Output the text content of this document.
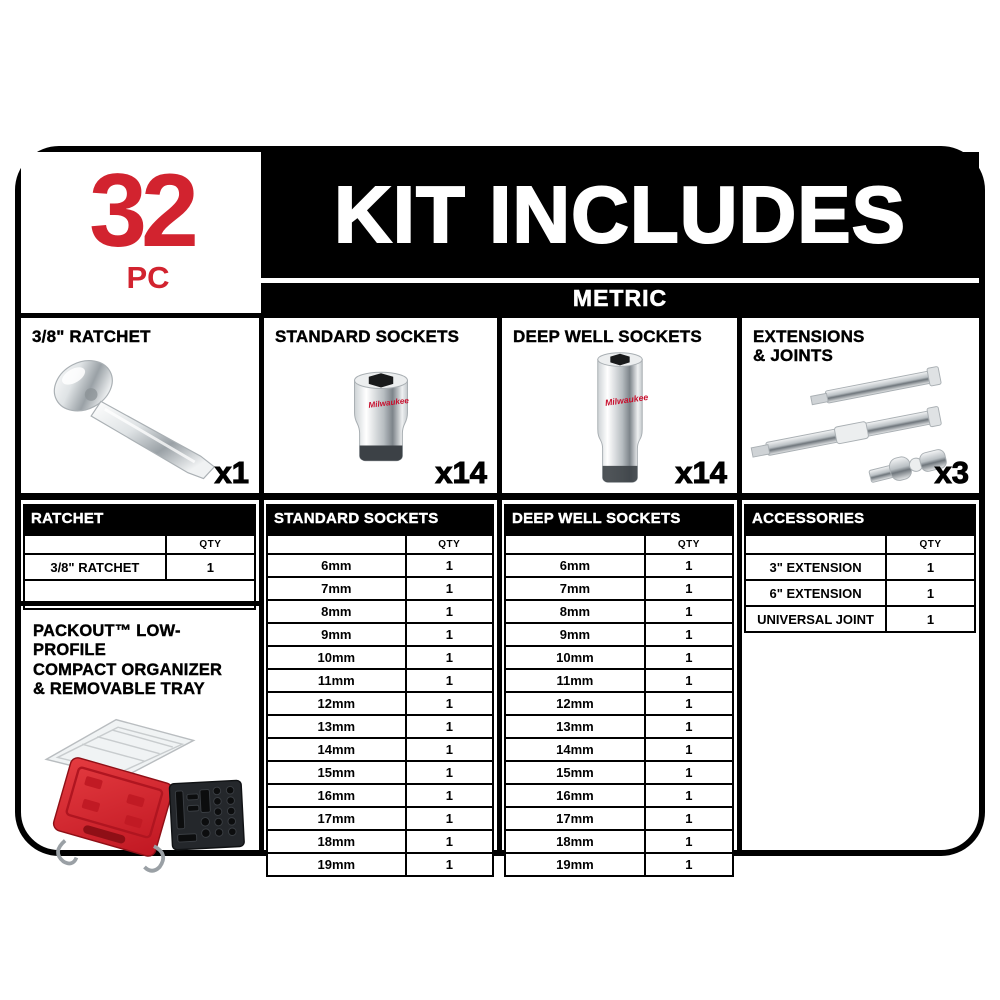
32
PC
KIT INCLUDES
METRIC
3/8" RATCHET
x1
STANDARD SOCKETS
Milwaukee
x14
DEEP WELL SOCKETS
Milwaukee
x14
EXTENSIONS
& JOINTS
x3
RATCHET
QTY
3/8" RATCHET	1
STANDARD SOCKETS
QTY
6mm	1
7mm	1
8mm	1
9mm	1
10mm	1
11mm	1
12mm	1
13mm	1
14mm	1
15mm	1
16mm	1
17mm	1
18mm	1
19mm	1
DEEP WELL SOCKETS
QTY
6mm	1
7mm	1
8mm	1
9mm	1
10mm	1
11mm	1
12mm	1
13mm	1
14mm	1
15mm	1
16mm	1
17mm	1
18mm	1
19mm	1
ACCESSORIES
QTY
3" EXTENSION	1
6" EXTENSION	1
UNIVERSAL JOINT	1
PACKOUT™ LOW-PROFILE
COMPACT ORGANIZER
& REMOVABLE TRAY
